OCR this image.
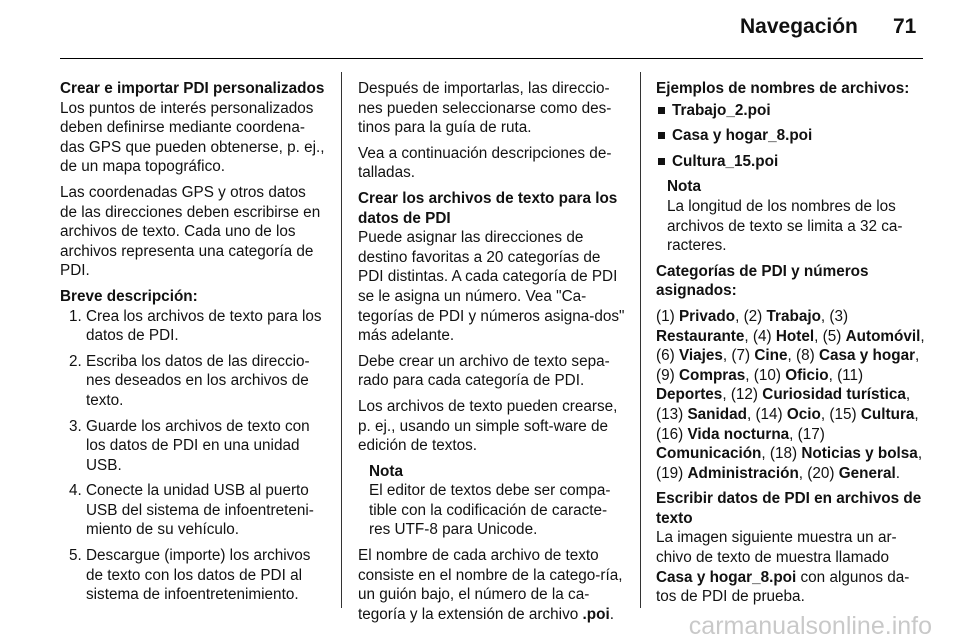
Navegación 71

Crear e importar PDI personalizados

Los puntos de interés personalizados deben definirse mediante coordena-das GPS que pueden obtenerse, p. ej., de un mapa topográfico.

Las coordenadas GPS y otros datos de las direcciones deben escribirse en archivos de texto. Cada uno de los archivos representa una categoría de PDI.

Breve descripción:

1. Crea los archivos de texto para los datos de PDI.
2. Escriba los datos de las direccio-nes deseados en los archivos de texto.
3. Guarde los archivos de texto con los datos de PDI en una unidad USB.
4. Conecte la unidad USB al puerto USB del sistema de infoentreteni-miento de su vehículo.
5. Descargue (importe) los archivos de texto con los datos de PDI al sistema de infoentretenimiento.

Después de importarlas, las direccio-nes pueden seleccionarse como des-tinos para la guía de ruta.

Vea a continuación descripciones de-talladas.

Crear los archivos de texto para los datos de PDI

Puede asignar las direcciones de destino favoritas a 20 categorías de PDI distintas. A cada categoría de PDI se le asigna un número. Vea "Ca-tegorías de PDI y números asigna-dos" más adelante.

Debe crear un archivo de texto sepa-rado para cada categoría de PDI.

Los archivos de texto pueden crearse, p. ej., usando un simple soft-ware de edición de textos.

Nota
El editor de textos debe ser compa-tible con la codificación de caracte-res UTF-8 para Unicode.

El nombre de cada archivo de texto consiste en el nombre de la catego-ría, un guión bajo, el número de la ca-tegoría y la extensión de archivo .poi.

Ejemplos de nombres de archivos:

Trabajo_2.poi
Casa y hogar_8.poi
Cultura_15.poi
Nota
La longitud de los nombres de los archivos de texto se limita a 32 ca-racteres.

Categorías de PDI y números asignados:

(1) Privado, (2) Trabajo, (3) Restaurante, (4) Hotel, (5) Automóvil, (6) Viajes, (7) Cine, (8) Casa y hogar, (9) Compras, (10) Oficio, (11) Deportes, (12) Curiosidad turística, (13) Sanidad, (14) Ocio, (15) Cultura, (16) Vida nocturna, (17) Comunicación, (18) Noticias y bolsa, (19) Administración, (20) General.

Escribir datos de PDI en archivos de texto

La imagen siguiente muestra un ar-chivo de texto de muestra llamado Casa y hogar_8.poi con algunos da-tos de PDI de prueba.

carmanualsonline.info
